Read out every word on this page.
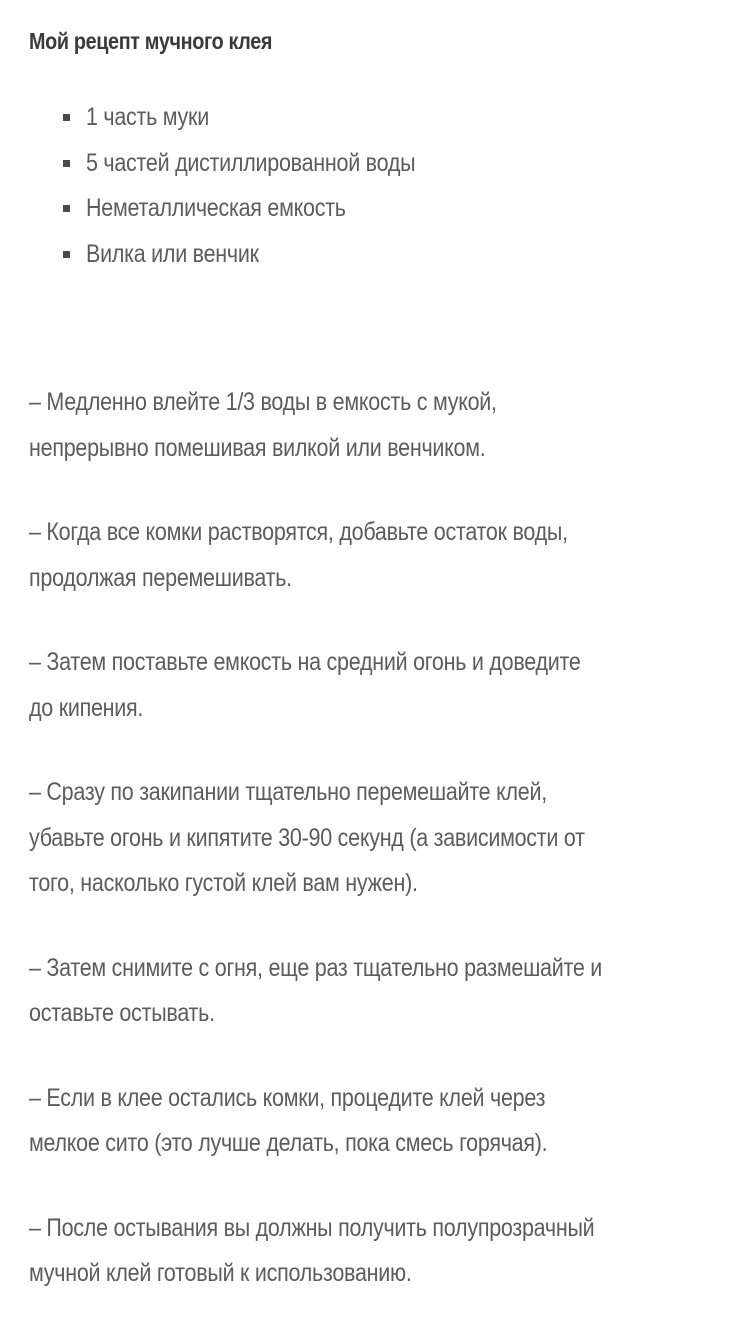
Мой рецепт мучного клея
1 часть муки
5 частей дистиллированной воды
Неметаллическая емкость
Вилка или венчик

– Медленно влейте 1/3 воды в емкость с мукой,
непрерывно помешивая вилкой или венчиком.

– Когда все комки растворятся, добавьте остаток воды,
продолжая перемешивать.

– Затем поставьте емкость на средний огонь и доведите
до кипения.

– Сразу по закипании тщательно перемешайте клей,
убавьте огонь и кипятите 30-90 секунд (а зависимости от
того, насколько густой клей вам нужен).

– Затем снимите с огня, еще раз тщательно размешайте и
оставьте остывать.

– Если в клее остались комки, процедите клей через
мелкое сито (это лучше делать, пока смесь горячая).

– После остывания вы должны получить полупрозрачный
мучной клей готовый к использованию.
